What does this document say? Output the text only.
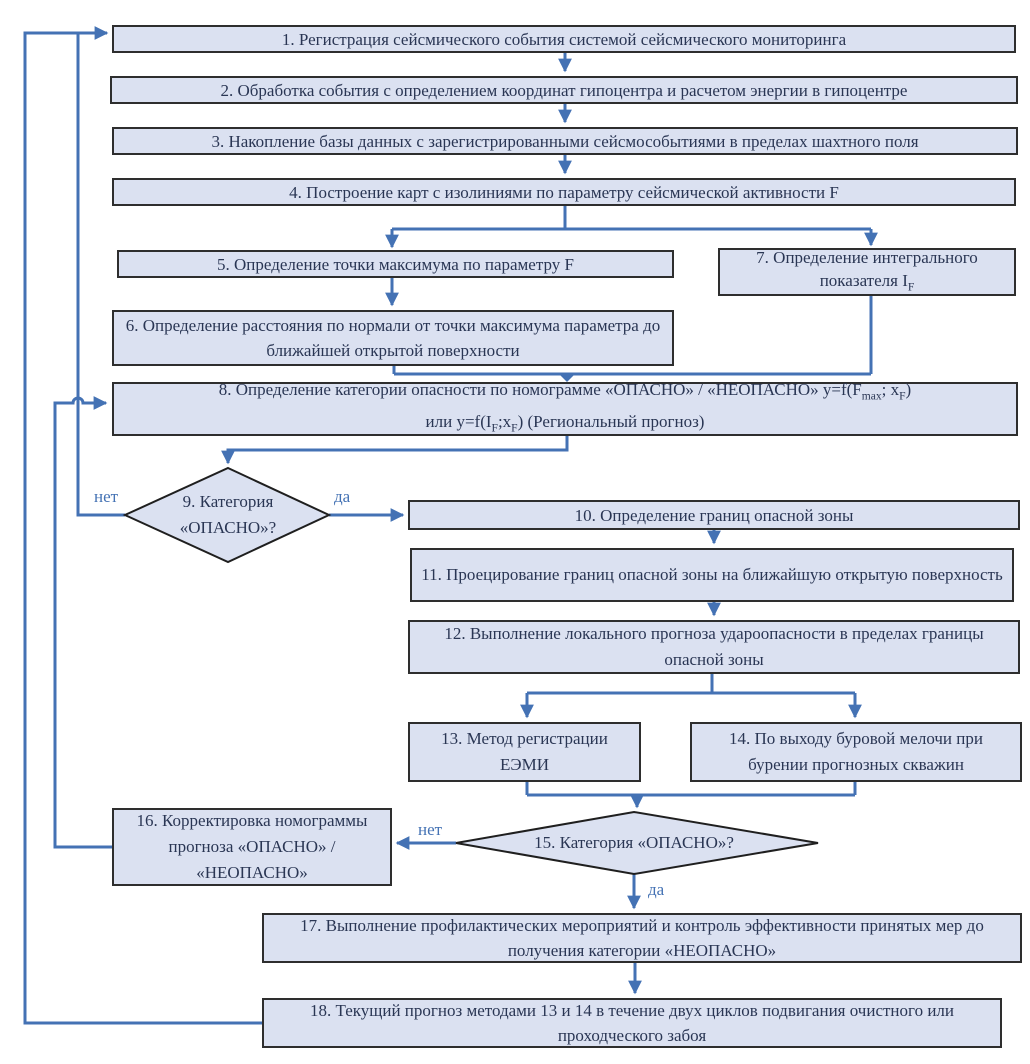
1. Регистрация сейсмического события системой сейсмического мониторинга
2. Обработка события с определением координат гипоцентра и расчетом энергии в гипоцентре
3. Накопление базы данных с зарегистрированными сейсмособытиями в пределах шахтного поля
4. Построение карт с изолиниями по параметру сейсмической активности F
5. Определение точки максимума по параметру F	7. Определение интегрального
показателя $I_F$
6. Определение расстояния по нормали от точки максимума параметра до ближайшей открытой поверхности
8. Определение категории опасности по номограмме «ОПАСНО» / «НЕОПАСНО» $y=f(F_{max}$; $x_F$)
или $y=f(I_F;x_F)$ (Региональный прогноз)
9. Категория
«ОПАСНО»?
нет	да
10. Определение границ опасной зоны
11. Проецирование границ опасной зоны на ближайшую открытую поверхность
12. Выполнение локального прогноза удароопасности в пределах границы опасной зоны
13. Метод регистрации ЕЭМИ
14. По выходу буровой мелочи при бурении прогнозных скважин
15. Категория «ОПАСНО»?
нет
да
16. Корректировка номограммы прогноза «ОПАСНО» / «НЕОПАСНО»
17. Выполнение профилактических мероприятий и контроль эффективности принятых мер до получения категории «НЕОПАСНО»
18. Текущий прогноз методами 13 и 14 в течение двух циклов подвигания очистного или проходческого забоя
